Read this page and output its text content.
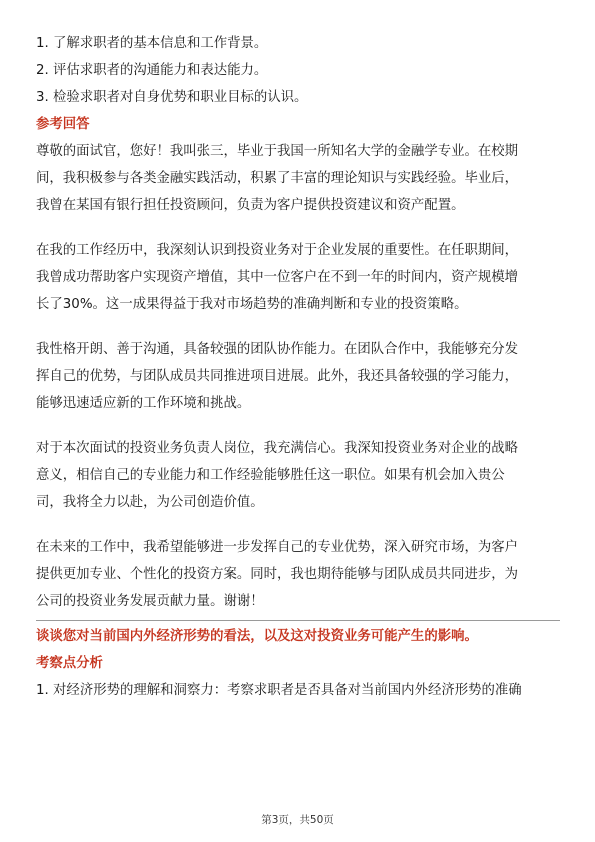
1. 了解求职者的基本信息和工作背景。
2. 评估求职者的沟通能力和表达能力。
3. 检验求职者对自身优势和职业目标的认识。
参考回答
尊敬的面试官，您好！我叫张三，毕业于我国一所知名大学的金融学专业。在校期
间，我积极参与各类金融实践活动，积累了丰富的理论知识与实践经验。毕业后，
我曾在某国有银行担任投资顾问，负责为客户提供投资建议和资产配置。
在我的工作经历中，我深刻认识到投资业务对于企业发展的重要性。在任职期间，
我曾成功帮助客户实现资产增值，其中一位客户在不到一年的时间内，资产规模增
长了30%。这一成果得益于我对市场趋势的准确判断和专业的投资策略。
我性格开朗、善于沟通，具备较强的团队协作能力。在团队合作中，我能够充分发
挥自己的优势，与团队成员共同推进项目进展。此外，我还具备较强的学习能力，
能够迅速适应新的工作环境和挑战。
对于本次面试的投资业务负责人岗位，我充满信心。我深知投资业务对企业的战略
意义，相信自己的专业能力和工作经验能够胜任这一职位。如果有机会加入贵公
司，我将全力以赴，为公司创造价值。
在未来的工作中，我希望能够进一步发挥自己的专业优势，深入研究市场，为客户
提供更加专业、个性化的投资方案。同时，我也期待能够与团队成员共同进步，为
公司的投资业务发展贡献力量。谢谢！
谈谈您对当前国内外经济形势的看法，以及这对投资业务可能产生的影响。
考察点分析
1. 对经济形势的理解和洞察力：考察求职者是否具备对当前国内外经济形势的准确
第3页，共50页
